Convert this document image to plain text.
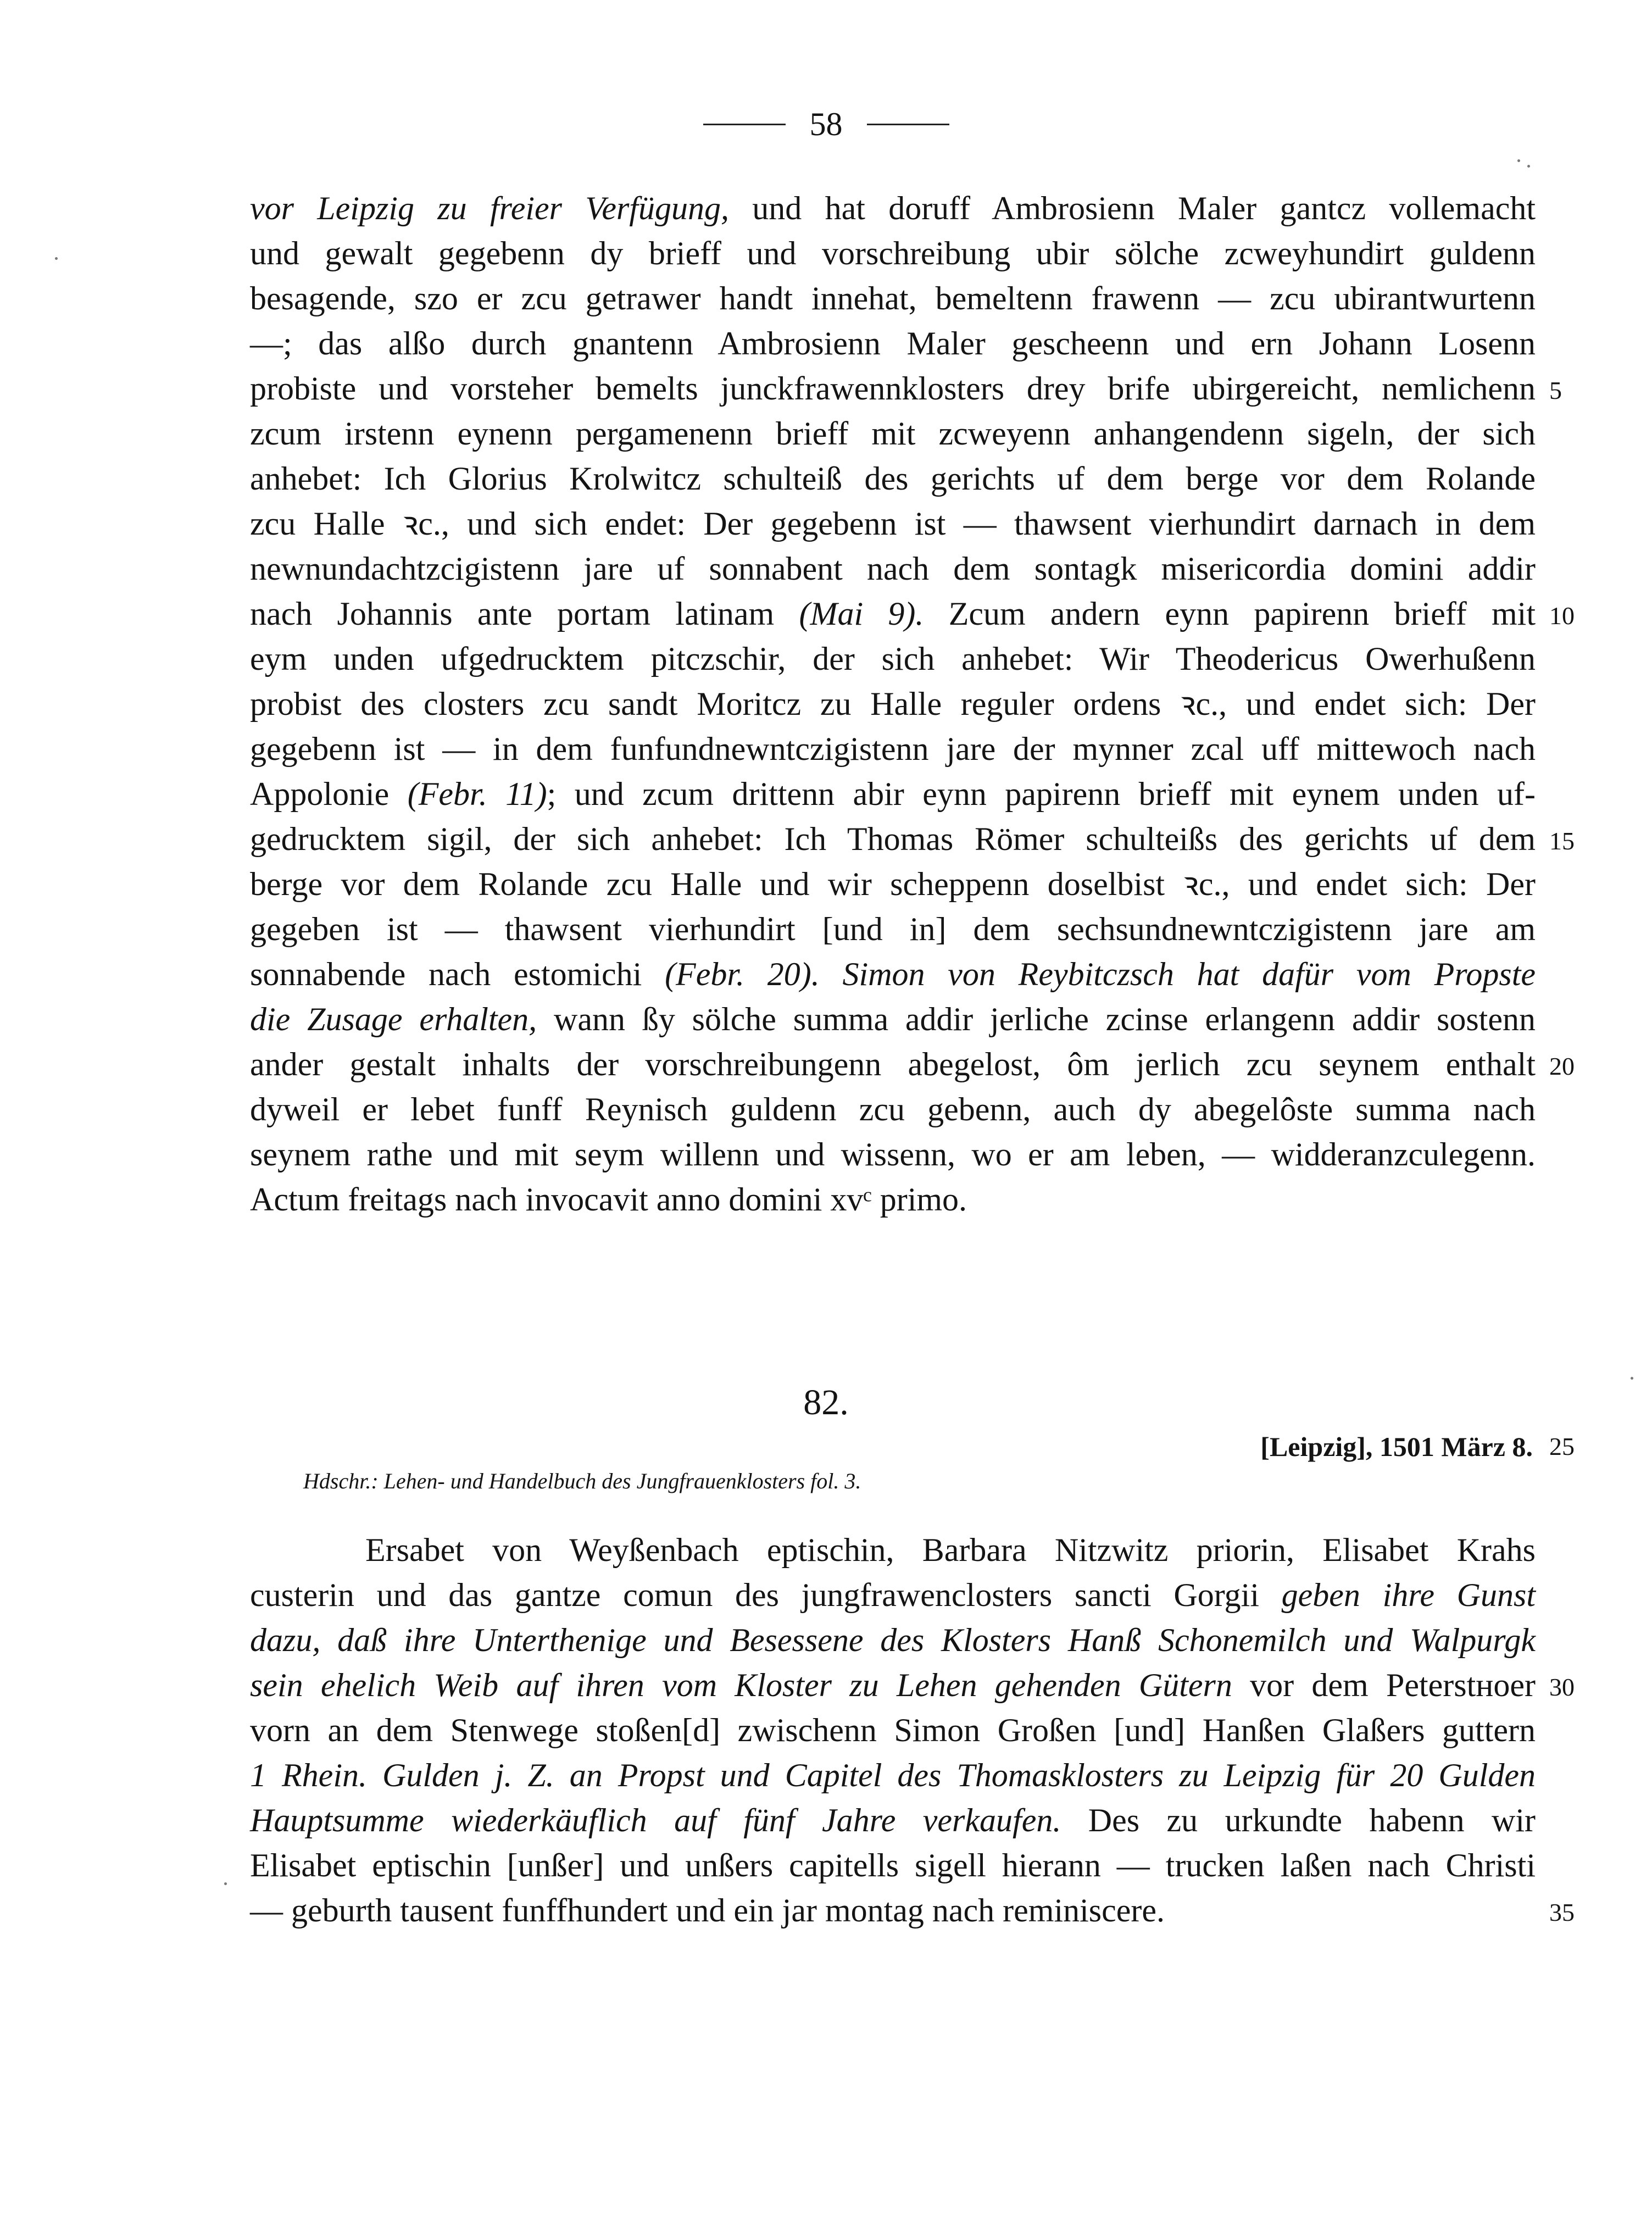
58
vor Leipzig zu freier Verfügung, und hat doruff Ambrosienn Maler gantcz vollemacht
und gewalt gegebenn dy brieff und vorschreibung ubir sölche zcweyhundirt guldenn
besagende, szo er zcu getrawer handt innehat, bemeltenn frawenn — zcu ubirantwurtenn
—; das alßo durch gnantenn Ambrosienn Maler gescheenn und ern Johann Losenn
probiste und vorsteher bemelts junckfrawennklosters drey brife ubirgereicht, nemlichenn
zcum irstenn eynenn pergamenenn brieff mit zcweyenn anhangendenn sigeln, der sich
anhebet: Ich Glorius Krolwitcz schulteiß des gerichts uf dem berge vor dem Rolande
zcu Halle ꝛc., und sich endet: Der gegebenn ist — thawsent vierhundirt darnach in dem
newnundachtzcigistenn jare uf sonnabent nach dem sontagk misericordia domini addir
nach Johannis ante portam latinam (Mai 9). Zcum andern eynn papirenn brieff mit
eym unden ufgedrucktem pitczschir, der sich anhebet: Wir Theodericus Owerhußenn
probist des closters zcu sandt Moritcz zu Halle reguler ordens ꝛc., und endet sich: Der
gegebenn ist — in dem funfundnewntczigistenn jare der mynner zcal uff mittewoch nach
Appolonie (Febr. 11); und zcum drittenn abir eynn papirenn brieff mit eynem unden uf-
gedrucktem sigil, der sich anhebet: Ich Thomas Römer schulteißs des gerichts uf dem
berge vor dem Rolande zcu Halle und wir scheppenn doselbist ꝛc., und endet sich: Der
gegeben ist — thawsent vierhundirt [und in] dem sechsundnewntczigistenn jare am
sonnabende nach estomichi (Febr. 20). Simon von Reybitczsch hat dafür vom Propste
die Zusage erhalten, wann ßy sölche summa addir jerliche zcinse erlangenn addir sostenn
ander gestalt inhalts der vorschreibungenn abegelost, ôm jerlich zcu seynem enthalt
dyweil er lebet funff Reynisch guldenn zcu gebenn, auch dy abegelôste summa nach
seynem rathe und mit seym willenn und wissenn, wo er am leben, — widderanzculegenn.
Actum freitags nach invocavit anno domini xvᶜ primo.
5
10
15
20
82.
[Leipzig], 1501 März 8. 25
Hdschr.: Lehen- und Handelbuch des Jungfrauenklosters fol. 3.
Ersabet von Weyßenbach eptischin, Barbara Nitzwitz priorin, Elisabet Krahs
custerin und das gantze comun des jungfrawenclosters sancti Gorgii geben ihre Gunst
dazu, daß ihre Unterthenige und Besessene des Klosters Hanß Schonemilch und Walpurgk
sein ehelich Weib auf ihren vom Kloster zu Lehen gehenden Gütern vor dem Peterstноer
vorn an dem Stenwege stoßen[d] zwischenn Simon Großen [und] Hanßen Glaßers guttern
1 Rhein. Gulden j. Z. an Propst und Capitel des Thomasklosters zu Leipzig für 20 Gulden
Hauptsumme wiederkäuflich auf fünf Jahre verkaufen. Des zu urkundte habenn wir
Elisabet eptischin [unßer] und unßers capitells sigell hierann — trucken laßen nach Christi
— geburth tausent funffhundert und ein jar montag nach reminiscere.
30
35
